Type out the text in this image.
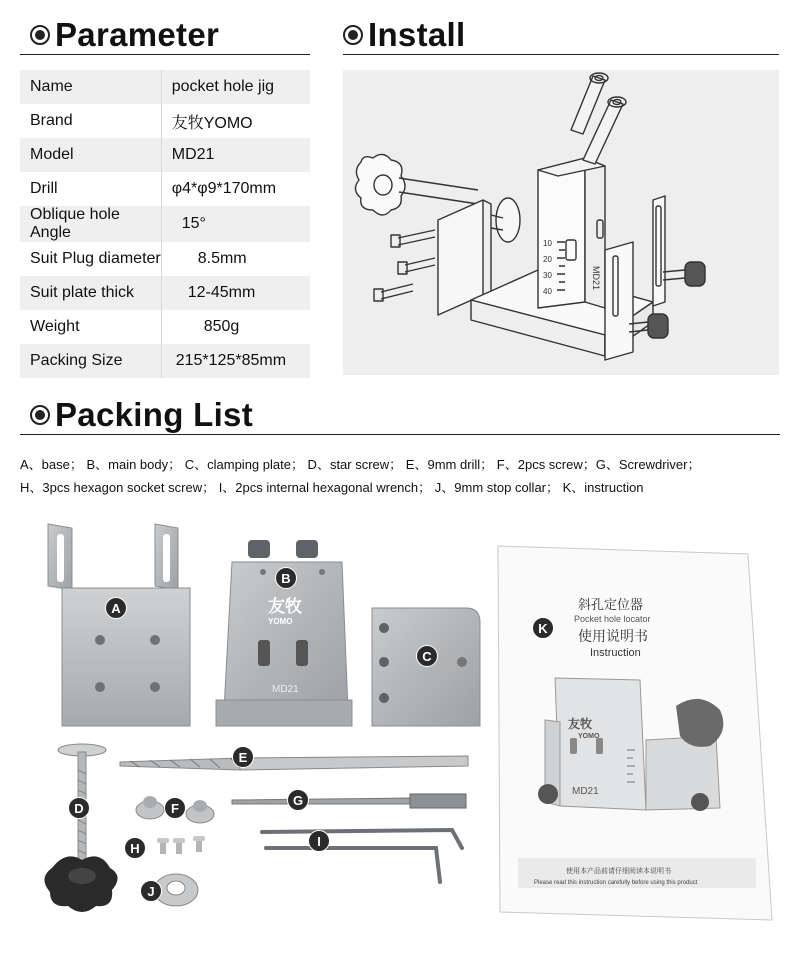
Parameter	Install
Name	pocket hole jig
Brand	友牧YOMO
Model	MD21
Drill	φ4*φ9*170mm
Oblique hole Angle	15°
Suit Plug diameter	8.5mm
Suit plate thick	12-45mm
Weight	850g
Packing Size	215*125*85mm
10
20
30
40
MD21
Packing List
A、base； B、main body； C、clamping plate； D、star screw； E、9mm drill； F、2pcs screw；G、Screwdriver；
H、3pcs hexagon socket screw； I、2pcs internal hexagonal wrench； J、9mm stop collar； K、instruction
友牧
YOMO
MD21
斜孔定位器
Pocket hole locator
使用说明书
Instruction
友牧
YOMO
MD21
使用本产品前请仔细阅读本说明书
Please read this instruction carefully before using this product
A
B
C
D
E
F
G
H	I
J
K
